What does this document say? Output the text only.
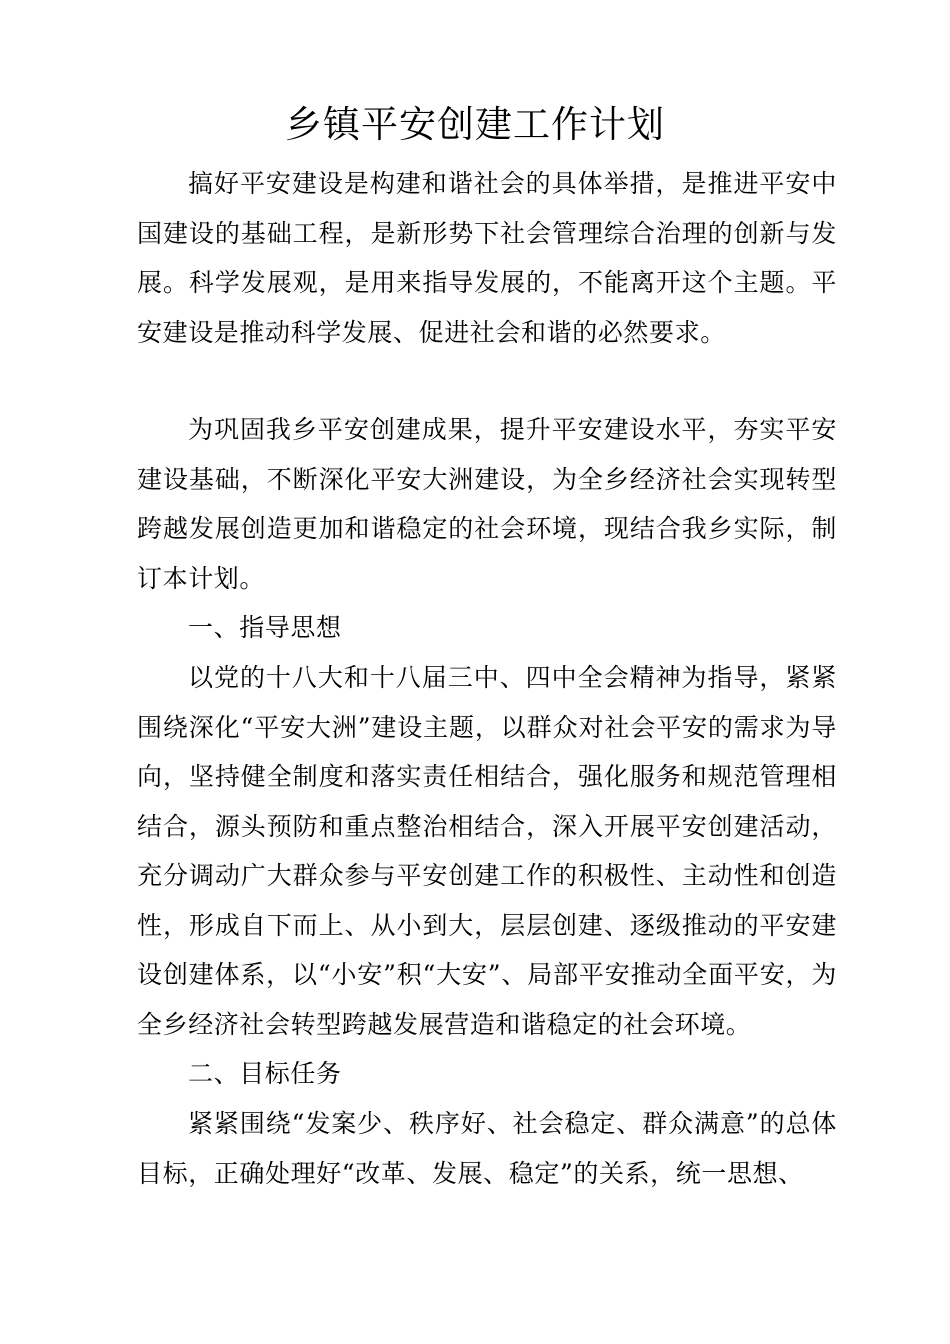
乡镇平安创建工作计划

搞好平安建设是构建和谐社会的具体举措，是推进平安中国建设的基础工程，是新形势下社会管理综合治理的创新与发展。科学发展观，是用来指导发展的，不能离开这个主题。平安建设是推动科学发展、促进社会和谐的必然要求。

为巩固我乡平安创建成果，提升平安建设水平，夯实平安建设基础，不断深化平安大洲建设，为全乡经济社会实现转型跨越发展创造更加和谐稳定的社会环境，现结合我乡实际，制订本计划。

一、指导思想

以党的十八大和十八届三中、四中全会精神为指导，紧紧围绕深化“平安大洲”建设主题，以群众对社会平安的需求为导向，坚持健全制度和落实责任相结合，强化服务和规范管理相结合，源头预防和重点整治相结合，深入开展平安创建活动，充分调动广大群众参与平安创建工作的积极性、主动性和创造性，形成自下而上、从小到大，层层创建、逐级推动的平安建设创建体系，以“小安”积“大安”、局部平安推动全面平安，为全乡经济社会转型跨越发展营造和谐稳定的社会环境。

二、目标任务

紧紧围绕“发案少、秩序好、社会稳定、群众满意”的总体目标，正确处理好“改革、发展、稳定”的关系，统一思想、
